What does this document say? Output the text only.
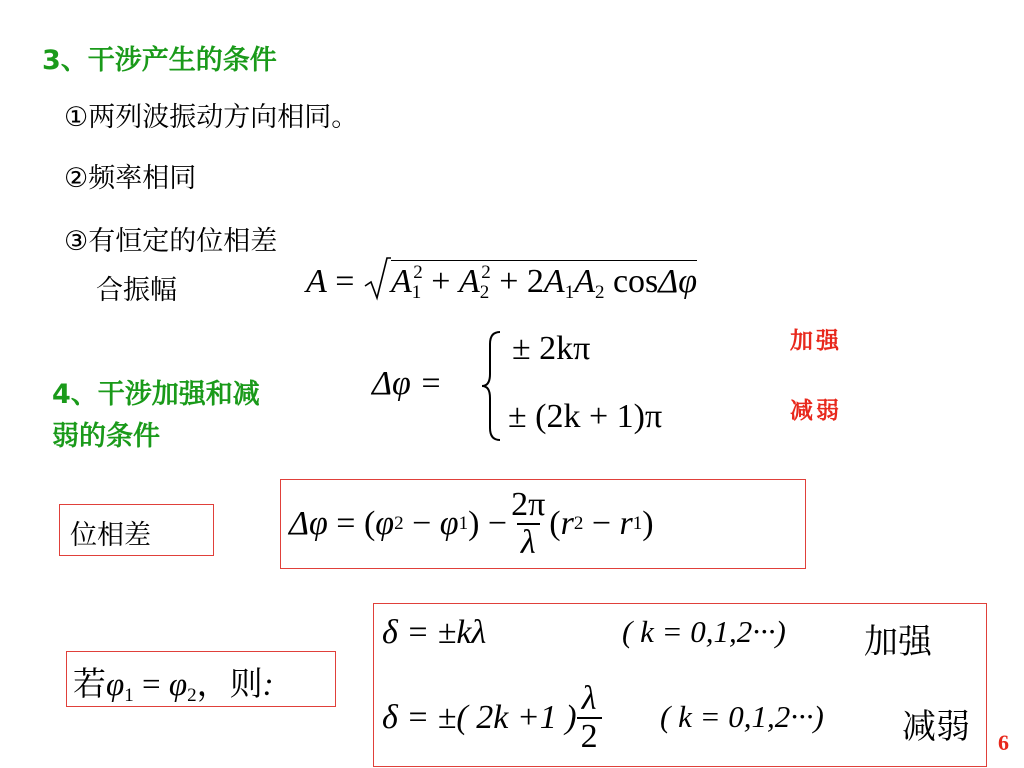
3、干涉产生的条件
①两列波振动方向相同。
②频率相同
③有恒定的位相差
合振幅	$A = A_1^2 + A_2^2 + 2A_1A_2$ cosΔφ
4、干涉加强和减
弱的条件
Δφ =
± 2kπ
± (2k + 1)π
加强
减弱
位相差	Δφ
=
( φ 2
−
φ 1 )
− $\frac{2\pi}{\lambda}$ ( r 2
−
r 1 )
若$\varphi_1 = \varphi_2$，则:
δ = ±kλ	( k = 0,1,2···) 加强
δ = ±( 2k +1 ) $\frac{\lambda}{2}$ ( k = 0,1,2···) 减弱 6
